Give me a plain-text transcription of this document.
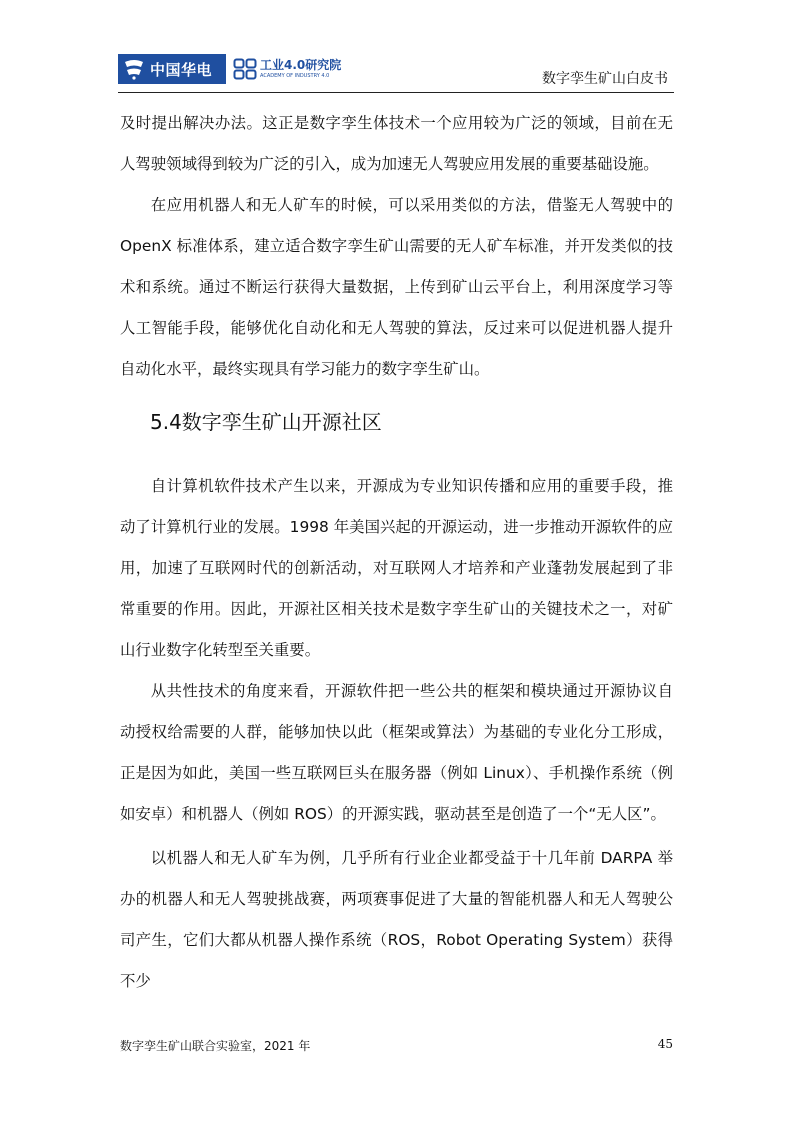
中国华电	工业4.0研究院
ACADEMY OF INDUSTRY 4.0	数字孪生矿山白皮书

及时提出解决办法。这正是数字孪生体技术一个应用较为广泛的领域，目前在无人驾驶领域得到较为广泛的引入，成为加速无人驾驶应用发展的重要基础设施。

在应用机器人和无人矿车的时候，可以采用类似的方法，借鉴无人驾驶中的OpenX 标准体系，建立适合数字孪生矿山需要的无人矿车标准，并开发类似的技术和系统。通过不断运行获得大量数据，上传到矿山云平台上，利用深度学习等人工智能手段，能够优化自动化和无人驾驶的算法，反过来可以促进机器人提升自动化水平，最终实现具有学习能力的数字孪生矿山。

5.4数字孪生矿山开源社区

自计算机软件技术产生以来，开源成为专业知识传播和应用的重要手段，推动了计算机行业的发展。1998 年美国兴起的开源运动，进一步推动开源软件的应用，加速了互联网时代的创新活动，对互联网人才培养和产业蓬勃发展起到了非常重要的作用。因此，开源社区相关技术是数字孪生矿山的关键技术之一，对矿山行业数字化转型至关重要。

从共性技术的角度来看，开源软件把一些公共的框架和模块通过开源协议自动授权给需要的人群，能够加快以此（框架或算法）为基础的专业化分工形成，正是因为如此，美国一些互联网巨头在服务器（例如 Linux）、手机操作系统（例如安卓）和机器人（例如 ROS）的开源实践，驱动甚至是创造了一个“无人区”。

以机器人和无人矿车为例，几乎所有行业企业都受益于十几年前 DARPA 举办的机器人和无人驾驶挑战赛，两项赛事促进了大量的智能机器人和无人驾驶公司产生，它们大都从机器人操作系统（ROS，Robot Operating System）获得不少

数字孪生矿山联合实验室，2021 年	45
